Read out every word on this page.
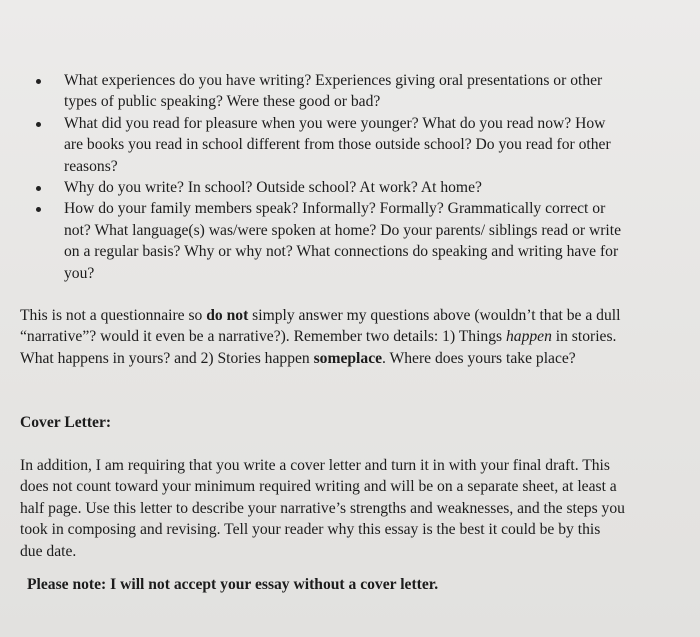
What experiences do you have writing? Experiences giving oral presentations or other types of public speaking? Were these good or bad?
What did you read for pleasure when you were younger? What do you read now? How are books you read in school different from those outside school? Do you read for other reasons?
Why do you write? In school? Outside school? At work? At home?
How do your family members speak? Informally? Formally? Grammatically correct or not? What language(s) was/were spoken at home? Do your parents/ siblings read or write on a regular basis? Why or why not? What connections do speaking and writing have for you?
This is not a questionnaire so do not simply answer my questions above (wouldn’t that be a dull “narrative”? would it even be a narrative?). Remember two details: 1) Things happen in stories. What happens in yours? and 2) Stories happen someplace. Where does yours take place?
Cover Letter:
In addition, I am requiring that you write a cover letter and turn it in with your final draft. This does not count toward your minimum required writing and will be on a separate sheet, at least a half page. Use this letter to describe your narrative’s strengths and weaknesses, and the steps you took in composing and revising. Tell your reader why this essay is the best it could be by this due date.
Please note: I will not accept your essay without a cover letter.
